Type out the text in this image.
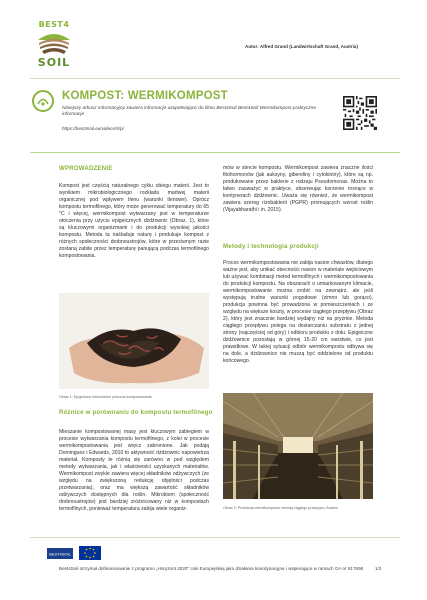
BEST4
SOIL
Autor: Alfred Grand (Landwirtschaft Grand, Austria)
KOMPOST: WERMIKOMPOST
Niniejszy arkusz informacyjny zawiera informacje uzupełniające do filmu Best4Soil Best4Soil Wermikompost praktyczne informacje
https://best4soil.eu/videos/5/pl
WPROWADZENIE
Kompost jest częścią naturalnego cyklu obiegu materii. Jest to wynikiem mikrobiologicznego rozkładu martwej materii organicznej pod wpływem tlenu (warunki tlenowe). Oprócz kompostu termofilnego, który może generować temperatury do 65 °C i więcej, wermikompost wytwarzany jest w temperaturze otoczenia przy użyciu epigeicznych dżdżownic (Obraz. 1), które są kluczowymi organizmami i do produkcji wysokiej jakości kompostu. Metoda ta naśladuje naturę i produkuje kompost z różnych społeczności drobnoustrojów, które w przeciwnym razie zostaną zabite przez temperaturę panującą podczas termofilnego kompostowania.
Obraz 1: Epigeiczne dżdżownice podczas kompostowania
Różnice w porównaniu do kompostu termofilnego
Mieszanie kompostowanej masy jest kluczowym zabiegiem w procesie wytwarzania kompostu termofilnego, z kolei w procesie wermikompostowania jest wręcz zabronione. Jak podają Dominguez i Edwards, 2010 to aktywność dżdżownic napowietrza materiał. Komposty te różnią się zarówno w pod względem metody wytwarzania, jak i właściwości uzyskanych materiałów. Wermikompost zwykle zawiera więcej składników odżywczych (ze względu na zwiększoną redukcję objętości podczas przetwarzania), oraz ma większą zawartość składników odżywczych dostępnych dla roślin. Mikrobiom (społeczność drobnoustrojów) jest bardziej zróżnicowany niż w kompostach termofilnych, ponieważ temperatura zabija wiele organiz-
mów w stercie kompostu. Wermikompost zawiera znaczne ilości fitohormonów (jak auksyny, gibereliny i cytokininy), które są np. produkowane przez bakterie z rodzaju Pseudomonas. Można to łatwo zauważyć w praktyce, obserwując korzenie rosnące w kontynerach dżdżownic. Uważa się również, że wermikompost zawiera szereg rizobakterii (PGPR) promujących wzrost roślin (Vijayabharathi i in. 2015).
Metody i technologia produkcji
Proces wermikompostowania nie zabija nasion chwastów, dlatego ważne jest, aby unikać obecności nasion w materiale wejściowym lub używać kombinacji metod termofilnych i wermikompostowania do produkcji kompostu. Na obszarach o umiarkowanym klimacie, wermikompostowanie można zrobić na zewnątrz, ale jeśli występują trudne warunki pogodowe (zimno lub gorąco), produkcja powinna być prowadzona w pomieszczeniach i ze względu na większe koszty, w procesie ciągłego przepływu (Obraz 2), który jest znacznie bardziej wydajny niż na pryzmie. Metoda ciągłego przepływu polega na dostarczaniu substratu z jednej strony (najczęściej od góry) i odbioru produktu z dołu. Epigeiczne dżdżownice pozostają w górnej 15-20 cm warstwie, co jest prawidłowe. W takiej sytuacji odbiór wermikompostu odbywa się na dole, a dżdżownice nie muszą być oddzielone od produktu końcowego.
Obraz 2: Produkcja wermikompostu metodą ciągłego przepływu, Austria
BEST4SOIL
Best4Soil otrzymał dofinansowanie z programu „Horyzont 2020" Unii Europejskiej jako działania koordynacyjne i wspierające w ramach GA nr 817696	1/2
